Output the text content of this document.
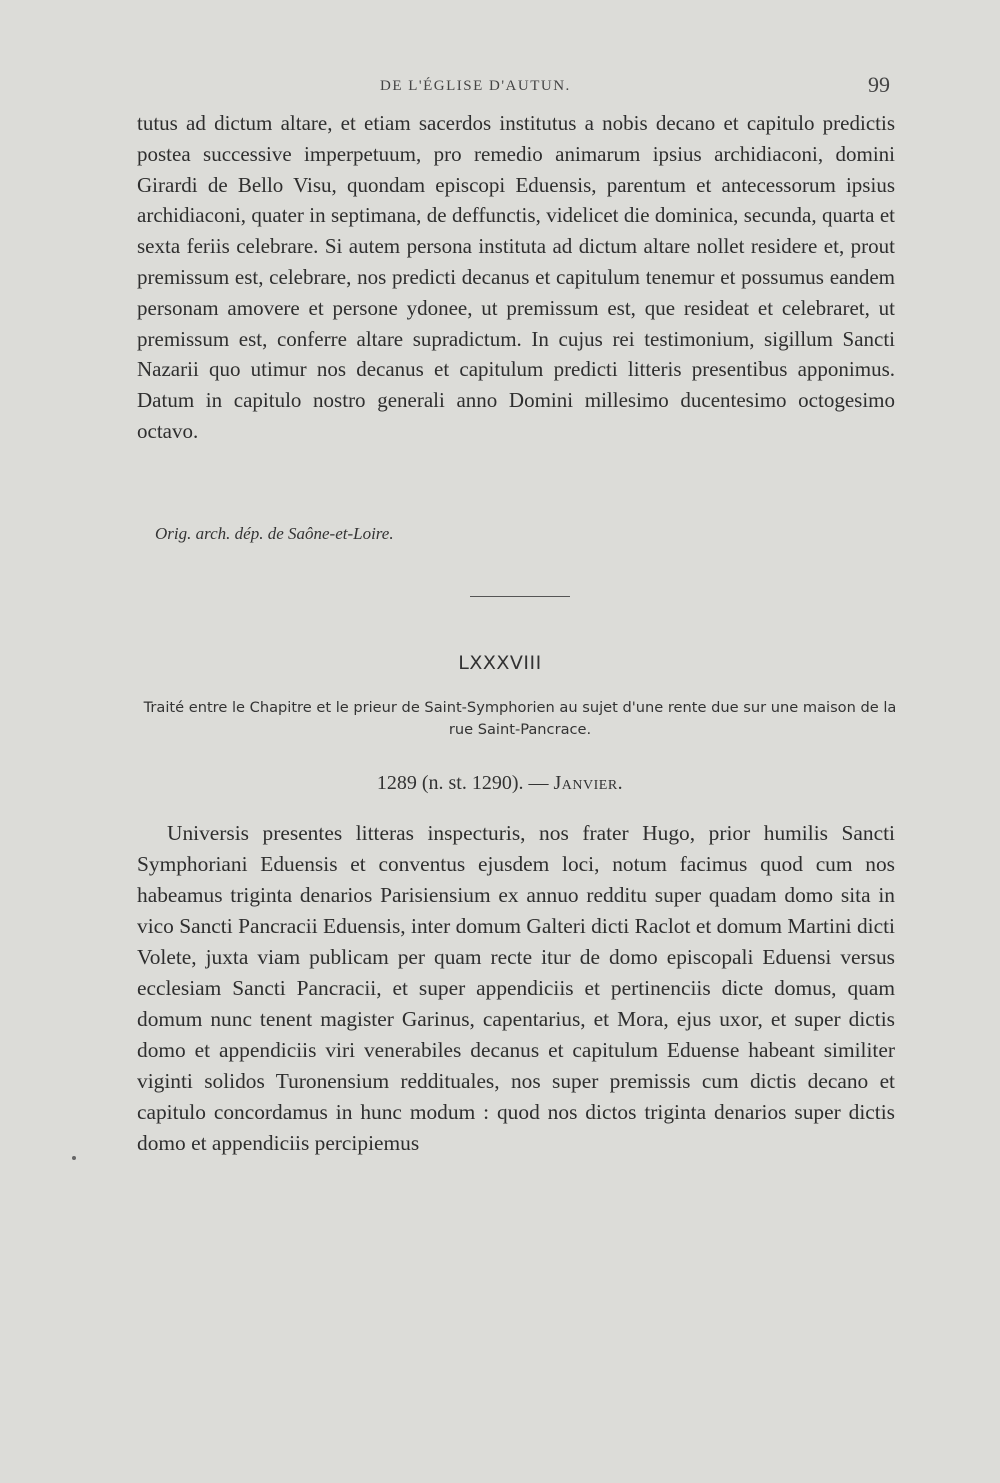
DE L'ÉGLISE D'AUTUN.	99

tutus ad dictum altare, et etiam sacerdos institutus a nobis decano et capitulo predictis postea successive imperpetuum, pro remedio animarum ipsius archidiaconi, domini Girardi de Bello Visu, quondam episcopi Eduensis, parentum et antecessorum ipsius archidiaconi, quater in septimana, de deffunctis, videlicet die dominica, secunda, quarta et sexta feriis celebrare. Si autem persona instituta ad dictum altare nollet residere et, prout premissum est, celebrare, nos predicti decanus et capitulum tenemur et possumus eandem personam amovere et persone ydonee, ut premissum est, que resideat et celebraret, ut premissum est, conferre altare supradictum. In cujus rei testimonium, sigillum Sancti Nazarii quo utimur nos decanus et capitulum predicti litteris presentibus apponimus. Datum in capitulo nostro generali anno Domini millesimo ducentesimo octogesimo octavo.

Orig. arch. dép. de Saône-et-Loire.
LXXXVIII
Traité entre le Chapitre et le prieur de Saint-Symphorien au sujet d'une rente due sur une maison de la rue Saint-Pancrace.
1289 (n. st. 1290). — Janvier.

Universis presentes litteras inspecturis, nos frater Hugo, prior humilis Sancti Symphoriani Eduensis et conventus ejusdem loci, notum facimus quod cum nos habeamus triginta denarios Parisiensium ex annuo redditu super quadam domo sita in vico Sancti Pancracii Eduensis, inter domum Galteri dicti Raclot et domum Martini dicti Volete, juxta viam publicam per quam recte itur de domo episcopali Eduensi versus ecclesiam Sancti Pancracii, et super appendiciis et pertinenciis dicte domus, quam domum nunc tenent magister Garinus, capentarius, et Mora, ejus uxor, et super dictis domo et appendiciis viri venerabiles decanus et capitulum Eduense habeant similiter viginti solidos Turonensium reddituales, nos super premissis cum dictis decano et capitulo concordamus in hunc modum : quod nos dictos triginta denarios super dictis domo et appendiciis percipiemus
